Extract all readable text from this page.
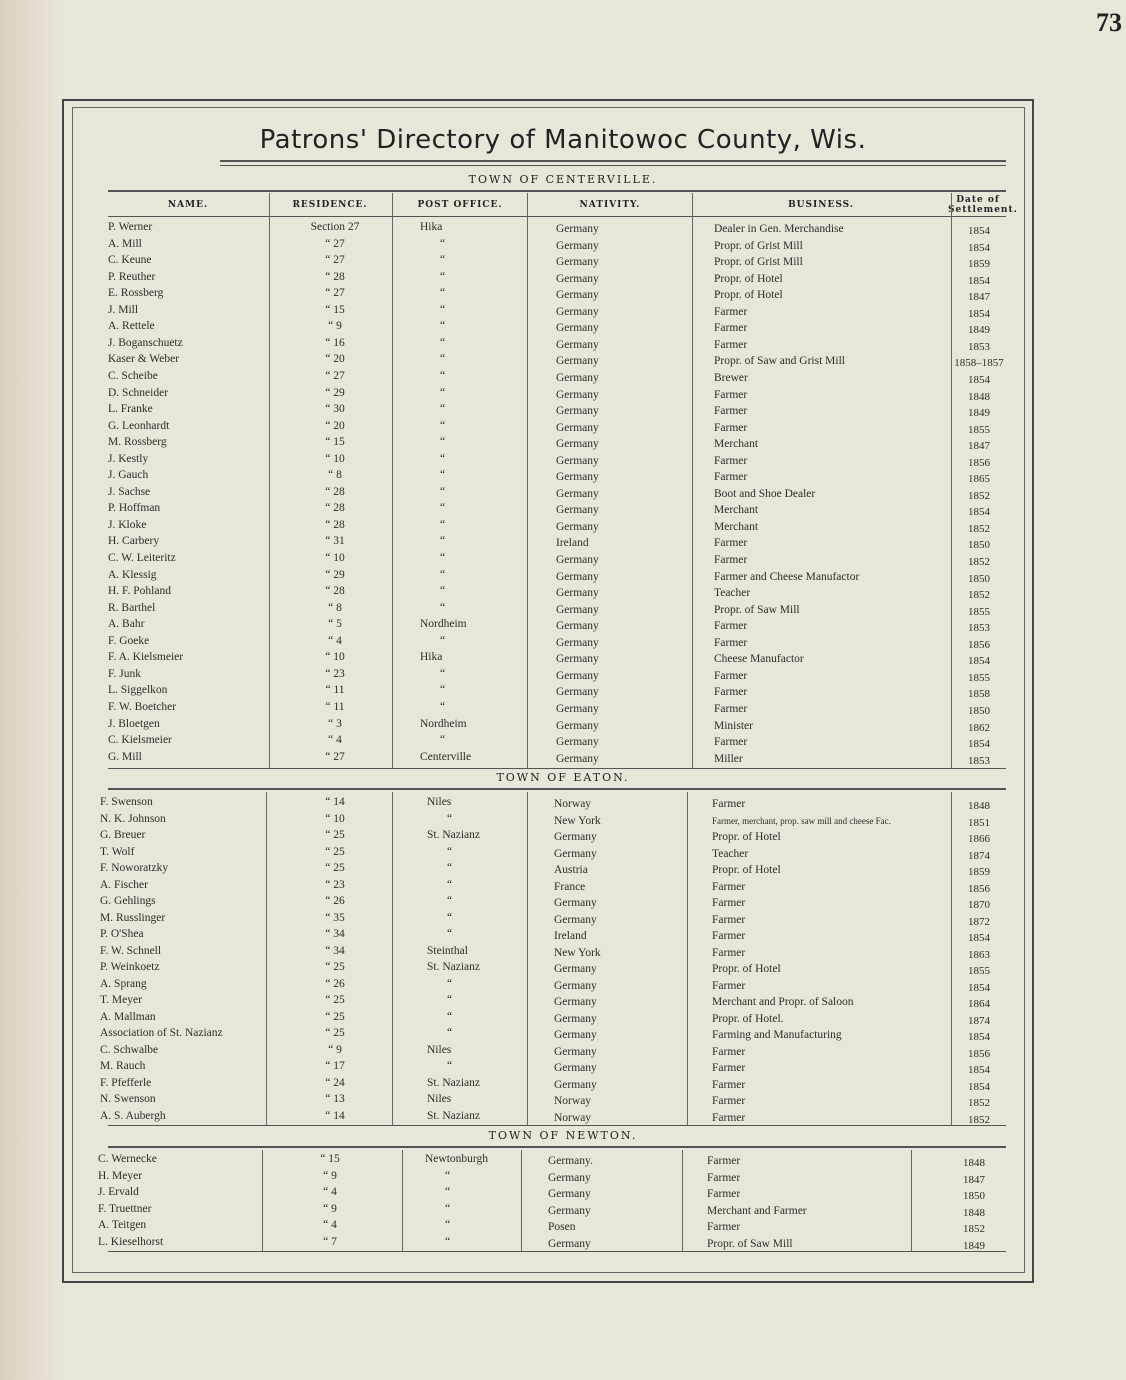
73
Patrons' Directory of Manitowoc County, Wis.
TOWN OF CENTERVILLE.
NAME.	RESIDENCE.	POST OFFICE.	NATIVITY.	BUSINESS.	Date of Settlement.
P. Werner	Section 27	Hika	Germany	Dealer in Gen. Merchandise	1854
A. Mill	“ 27	“	Germany	Propr. of Grist Mill	1854
C. Keune	“ 27	“	Germany	Propr. of Grist Mill	1859
P. Reuther	“ 28	“	Germany	Propr. of Hotel	1854
E. Rossberg	“ 27	“	Germany	Propr. of Hotel	1847
J. Mill	“ 15	“	Germany	Farmer	1854
A. Rettele	“ 9	“	Germany	Farmer	1849
J. Boganschuetz	“ 16	“	Germany	Farmer	1853
Kaser & Weber	“ 20	“	Germany	Propr. of Saw and Grist Mill	1858–1857
C. Scheibe	“ 27	“	Germany	Brewer	1854
D. Schneider	“ 29	“	Germany	Farmer	1848
L. Franke	“ 30	“	Germany	Farmer	1849
G. Leonhardt	“ 20	“	Germany	Farmer	1855
M. Rossberg	“ 15	“	Germany	Merchant	1847
J. Kestly	“ 10	“	Germany	Farmer	1856
J. Gauch	“ 8	“	Germany	Farmer	1865
J. Sachse	“ 28	“	Germany	Boot and Shoe Dealer	1852
P. Hoffman	“ 28	“	Germany	Merchant	1854
J. Kloke	“ 28	“	Germany	Merchant	1852
H. Carbery	“ 31	“	Ireland	Farmer	1850
C. W. Leiteritz	“ 10	“	Germany	Farmer	1852
A. Klessig	“ 29	“	Germany	Farmer and Cheese Manufactor	1850
H. F. Pohland	“ 28	“	Germany	Teacher	1852
R. Barthel	“ 8	“	Germany	Propr. of Saw Mill	1855
A. Bahr	“ 5	Nordheim	Germany	Farmer	1853
F. Goeke	“ 4	“	Germany	Farmer	1856
F. A. Kielsmeier	“ 10	Hika	Germany	Cheese Manufactor	1854
F. Junk	“ 23	“	Germany	Farmer	1855
L. Siggelkon	“ 11	“	Germany	Farmer	1858
F. W. Boetcher	“ 11	“	Germany	Farmer	1850
J. Bloetgen	“ 3	Nordheim	Germany	Minister	1862
C. Kielsmeier	“ 4	“	Germany	Farmer	1854
G. Mill	“ 27	Centerville	Germany	Miller	1853
TOWN OF EATON.
F. Swenson	“ 14	Niles	Norway	Farmer	1848
N. K. Johnson	“ 10	“	New York	Farmer, merchant, prop. saw mill and cheese Fac.	1851
G. Breuer	“ 25	St. Nazianz	Germany	Propr. of Hotel	1866
T. Wolf	“ 25	“	Germany	Teacher	1874
F. Noworatzky	“ 25	“	Austria	Propr. of Hotel	1859
A. Fischer	“ 23	“	France	Farmer	1856
G. Gehlings	“ 26	“	Germany	Farmer	1870
M. Russlinger	“ 35	“	Germany	Farmer	1872
P. O'Shea	“ 34	“	Ireland	Farmer	1854
F. W. Schnell	“ 34	Steinthal	New York	Farmer	1863
P. Weinkoetz	“ 25	St. Nazianz	Germany	Propr. of Hotel	1855
A. Sprang	“ 26	“	Germany	Farmer	1854
T. Meyer	“ 25	“	Germany	Merchant and Propr. of Saloon	1864
A. Mallman	“ 25	“	Germany	Propr. of Hotel.	1874
Association of St. Nazianz	“ 25	“	Germany	Farming and Manufacturing	1854
C. Schwalbe	“ 9	Niles	Germany	Farmer	1856
M. Rauch	“ 17	“	Germany	Farmer	1854
F. Pfefferle	“ 24	St. Nazianz	Germany	Farmer	1854
N. Swenson	“ 13	Niles	Norway	Farmer	1852
A. S. Aubergh	“ 14	St. Nazianz	Norway	Farmer	1852
TOWN OF NEWTON.
C. Wernecke	“ 15	Newtonburgh	Germany.	Farmer	1848
H. Meyer	“ 9	“	Germany	Farmer	1847
J. Ervald	“ 4	“	Germany	Farmer	1850
F. Truettner	“ 9	“	Germany	Merchant and Farmer	1848
A. Teitgen	“ 4	“	Posen	Farmer	1852
L. Kieselhorst	“ 7	“	Germany	Propr. of Saw Mill	1849
